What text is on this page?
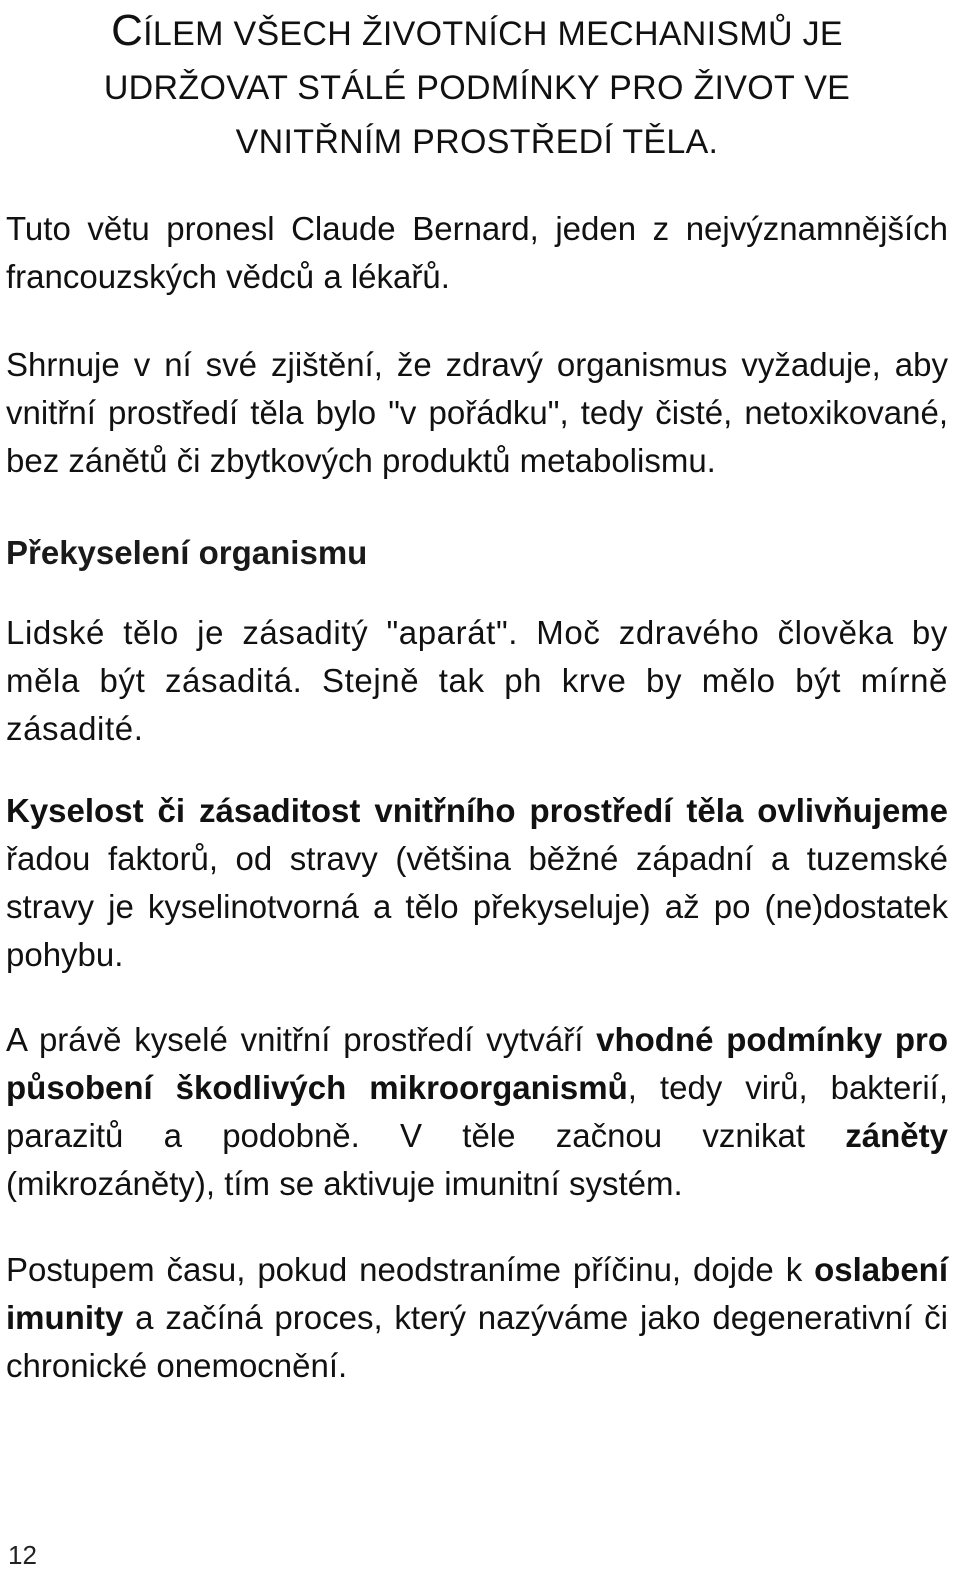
CÍLEM VŠECH ŽIVOTNÍCH MECHANISMŮ JE
UDRŽOVAT STÁLÉ PODMÍNKY PRO ŽIVOT VE
VNITŘNÍM PROSTŘEDÍ TĚLA.

Tuto větu pronesl Claude Bernard, jeden z nejvýznamnějších francouzských vědců a lékařů.

Shrnuje v ní své zjištění, že zdravý organismus vyžaduje, aby vnitřní prostředí těla bylo "v pořádku", tedy čisté, netoxikované, bez zánětů či zbytkových produktů metabolismu.

Překyselení organismu

Lidské tělo je zásaditý "aparát". Moč zdravého člověka by měla být zásaditá. Stejně tak ph krve by mělo být mírně zásadité.

Kyselost či zásaditost vnitřního prostředí těla ovlivňujeme řadou faktorů, od stravy (většina běžné západní a tuzemské stravy je kyselinotvorná a tělo překyseluje) až po (ne)dostatek pohybu.

A právě kyselé vnitřní prostředí vytváří vhodné podmínky pro působení škodlivých mikroorganismů, tedy virů, bakterií, parazitů a podobně. V těle začnou vznikat záněty (mikrozáněty), tím se aktivuje imunitní systém.

Postupem času, pokud neodstraníme příčinu, dojde k oslabení imunity a začíná proces, který nazýváme jako degenerativní či chronické onemocnění.

12
